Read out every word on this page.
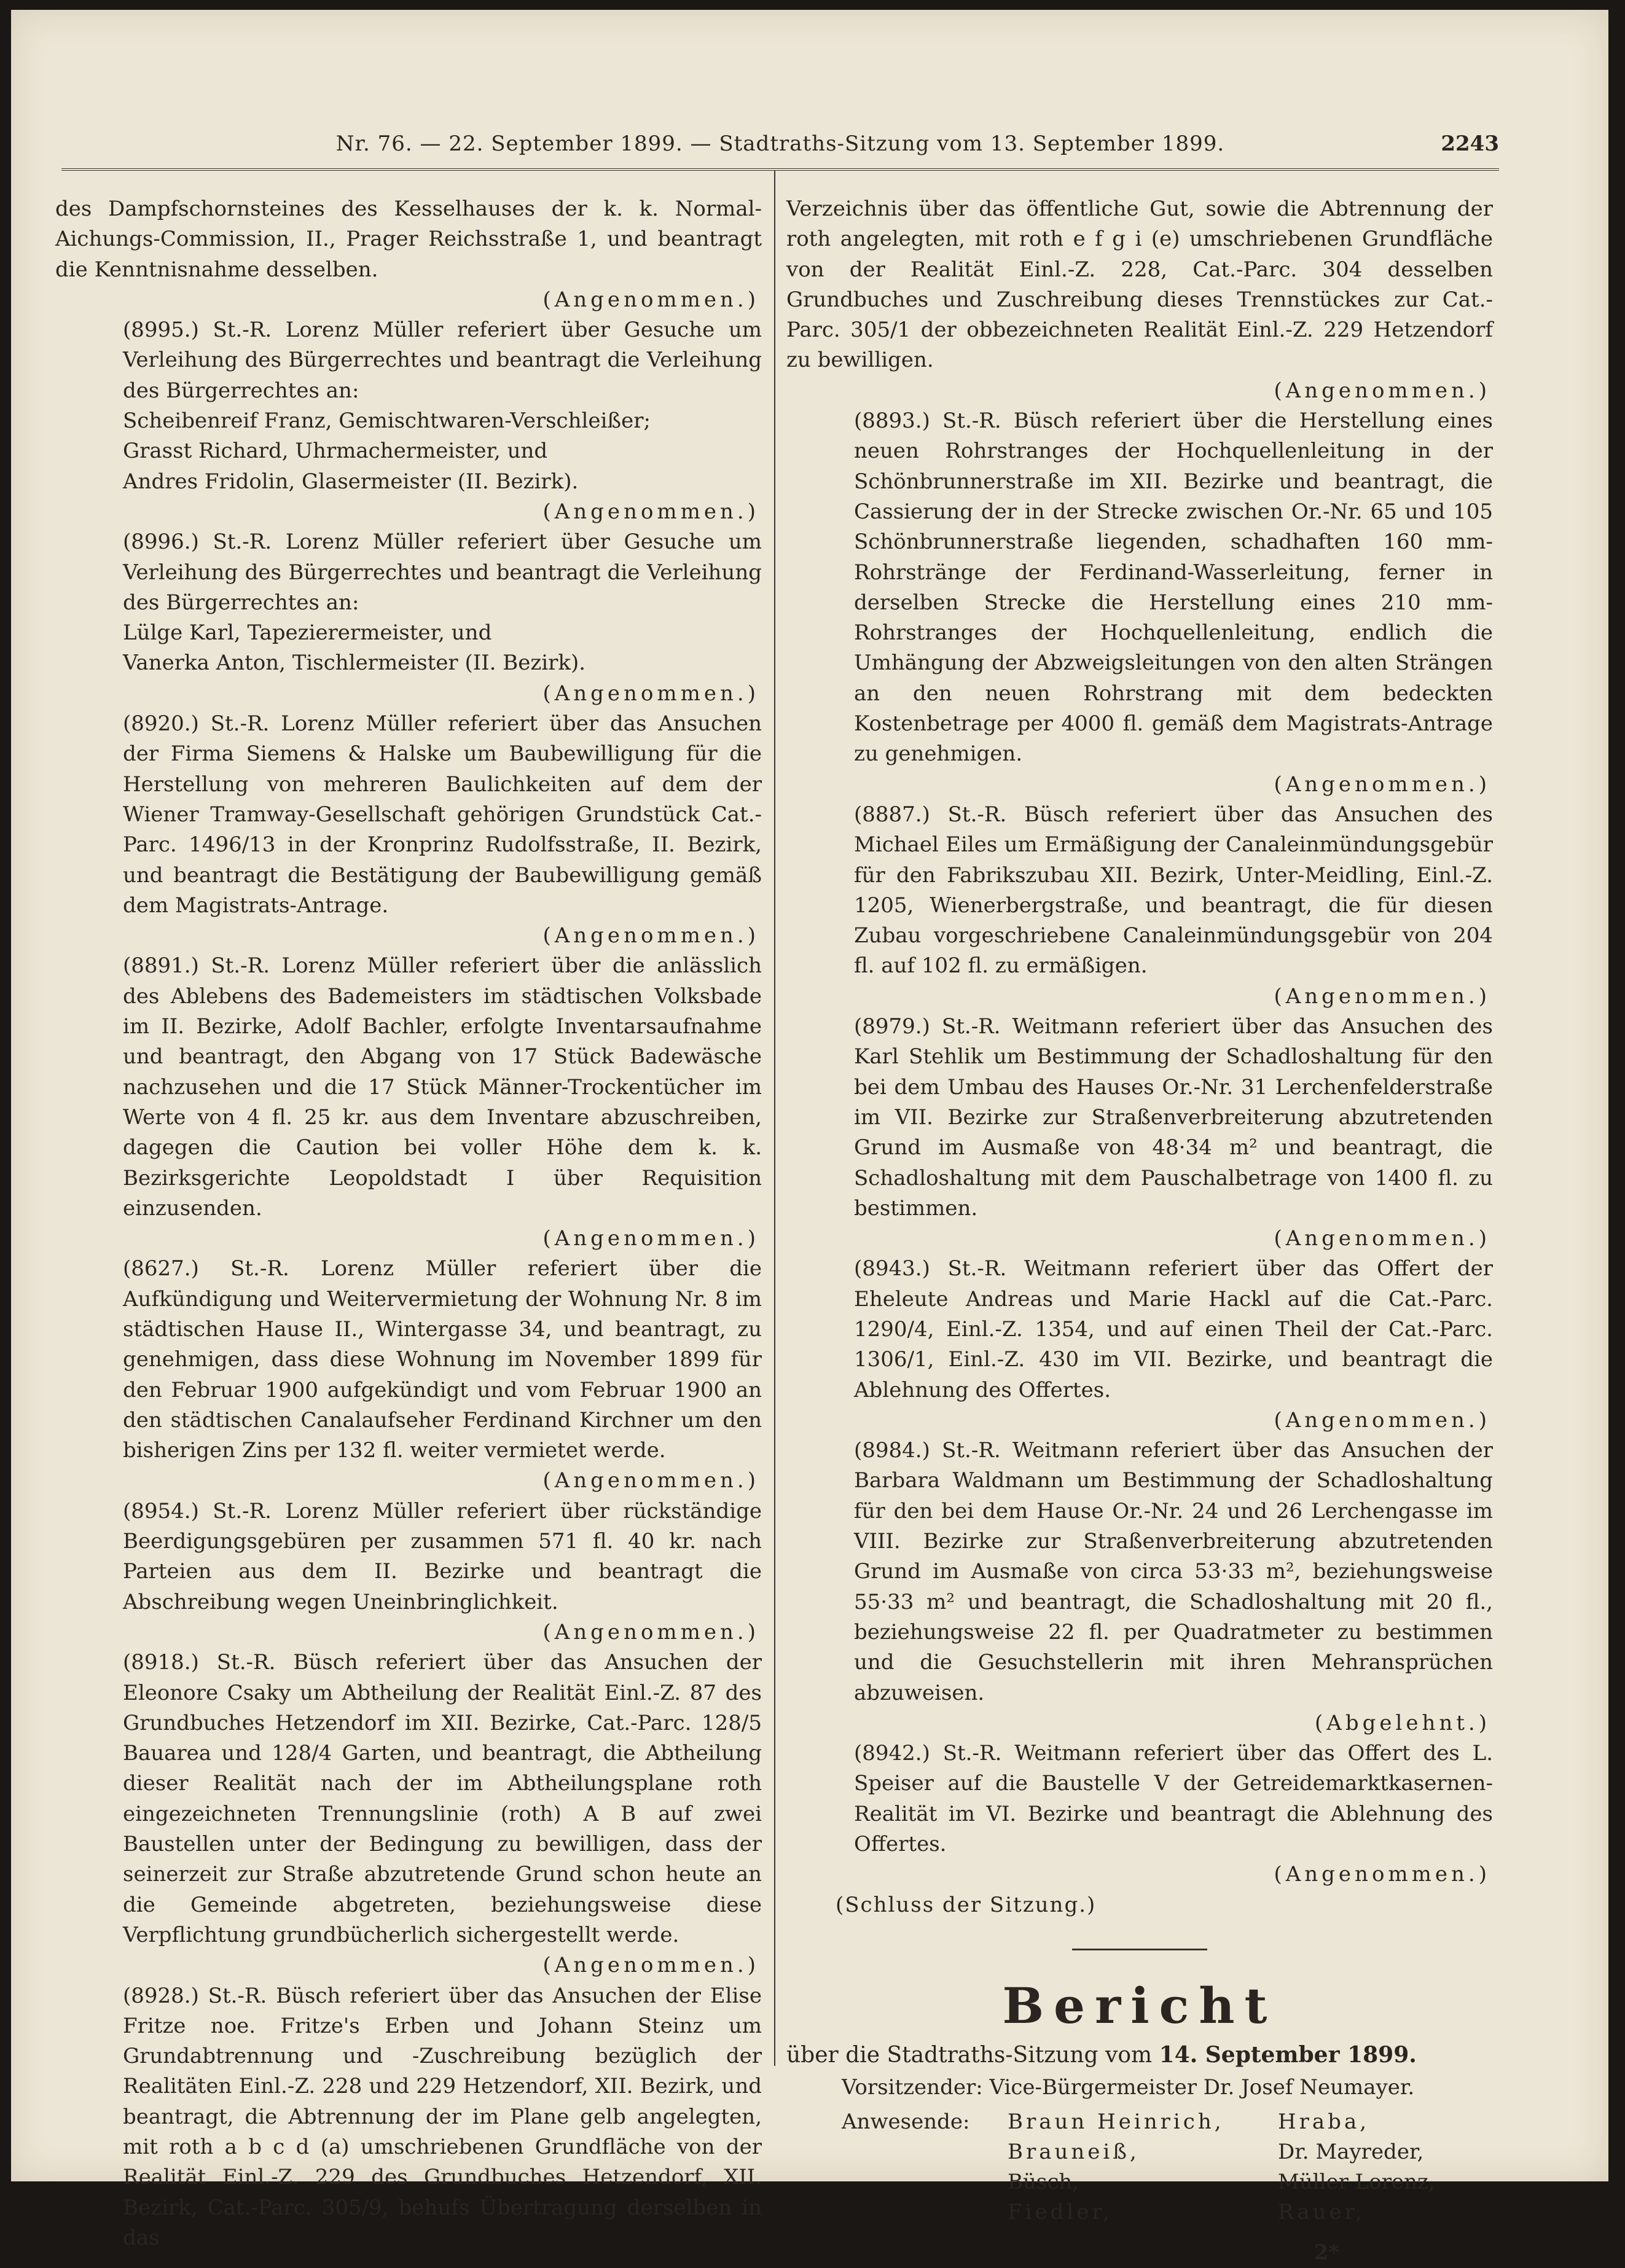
Nr. 76. — 22. September 1899. — Stadtraths-Sitzung vom 13. September 1899.	2243

des Dampfschornsteines des Kesselhauses der k. k. Normal-Aichungs-Commission, II., Prager Reichsstraße 1, und beantragt die Kenntnisnahme desselben.

(Angenommen.)

(8995.) St.-R. Lorenz Müller referiert über Gesuche um Verleihung des Bürgerrechtes und beantragt die Verleihung des Bürgerrechtes an:

Scheibenreif Franz, Gemischtwaren-Verschleißer;
Grasst Richard, Uhrmachermeister, und
Andres Fridolin, Glasermeister (II. Bezirk).

(Angenommen.)

(8996.) St.-R. Lorenz Müller referiert über Gesuche um Verleihung des Bürgerrechtes und beantragt die Verleihung des Bürgerrechtes an:

Lülge Karl, Tapezierermeister, und
Vanerka Anton, Tischlermeister (II. Bezirk).

(Angenommen.)

(8920.) St.-R. Lorenz Müller referiert über das Ansuchen der Firma Siemens & Halske um Baubewilligung für die Herstellung von mehreren Baulichkeiten auf dem der Wiener Tramway-Gesellschaft gehörigen Grundstück Cat.-Parc. 1496/13 in der Kronprinz Rudolfsstraße, II. Bezirk, und beantragt die Bestätigung der Baubewilligung gemäß dem Magistrats-Antrage.

(Angenommen.)

(8891.) St.-R. Lorenz Müller referiert über die anlässlich des Ablebens des Bademeisters im städtischen Volksbade im II. Bezirke, Adolf Bachler, erfolgte Inventarsaufnahme und beantragt, den Abgang von 17 Stück Badewäsche nachzusehen und die 17 Stück Männer-Trockentücher im Werte von 4 fl. 25 kr. aus dem Inventare abzuschreiben, dagegen die Caution bei voller Höhe dem k. k. Bezirksgerichte Leopoldstadt I über Requisition einzusenden.

(Angenommen.)

(8627.) St.-R. Lorenz Müller referiert über die Aufkündigung und Weitervermietung der Wohnung Nr. 8 im städtischen Hause II., Wintergasse 34, und beantragt, zu genehmigen, dass diese Wohnung im November 1899 für den Februar 1900 aufgekündigt und vom Februar 1900 an den städtischen Canalaufseher Ferdinand Kirchner um den bisherigen Zins per 132 fl. weiter vermietet werde.

(Angenommen.)

(8954.) St.-R. Lorenz Müller referiert über rückständige Beerdigungsgebüren per zusammen 571 fl. 40 kr. nach Parteien aus dem II. Bezirke und beantragt die Abschreibung wegen Uneinbringlichkeit.

(Angenommen.)

(8918.) St.-R. Büsch referiert über das Ansuchen der Eleonore Csaky um Abtheilung der Realität Einl.-Z. 87 des Grundbuches Hetzendorf im XII. Bezirke, Cat.-Parc. 128/5 Bauarea und 128/4 Garten, und beantragt, die Abtheilung dieser Realität nach der im Abtheilungsplane roth eingezeichneten Trennungslinie (roth) A B auf zwei Baustellen unter der Bedingung zu bewilligen, dass der seinerzeit zur Straße abzutretende Grund schon heute an die Gemeinde abgetreten, beziehungsweise diese Verpflichtung grundbücherlich sichergestellt werde.

(Angenommen.)

(8928.) St.-R. Büsch referiert über das Ansuchen der Elise Fritze noe. Fritze's Erben und Johann Steinz um Grundabtrennung und -Zuschreibung bezüglich der Realitäten Einl.-Z. 228 und 229 Hetzendorf, XII. Bezirk, und beantragt, die Abtrennung der im Plane gelb angelegten, mit roth a b c d (a) umschriebenen Grundfläche von der Realität Einl.-Z. 229 des Grundbuches Hetzendorf, XII. Bezirk, Cat.-Parc. 305/9, behufs Übertragung derselben in das

Verzeichnis über das öffentliche Gut, sowie die Abtrennung der roth angelegten, mit roth e f g i (e) umschriebenen Grundfläche von der Realität Einl.-Z. 228, Cat.-Parc. 304 desselben Grundbuches und Zuschreibung dieses Trennstückes zur Cat.-Parc. 305/1 der obbezeichneten Realität Einl.-Z. 229 Hetzendorf zu bewilligen.

(Angenommen.)

(8893.) St.-R. Büsch referiert über die Herstellung eines neuen Rohrstranges der Hochquellenleitung in der Schönbrunnerstraße im XII. Bezirke und beantragt, die Cassierung der in der Strecke zwischen Or.-Nr. 65 und 105 Schönbrunnerstraße liegenden, schadhaften 160 mm-Rohrstränge der Ferdinand-Wasserleitung, ferner in derselben Strecke die Herstellung eines 210 mm-Rohrstranges der Hochquellenleitung, endlich die Umhängung der Abzweigsleitungen von den alten Strängen an den neuen Rohrstrang mit dem bedeckten Kostenbetrage per 4000 fl. gemäß dem Magistrats-Antrage zu genehmigen.

(Angenommen.)

(8887.) St.-R. Büsch referiert über das Ansuchen des Michael Eiles um Ermäßigung der Canaleinmündungsgebür für den Fabrikszubau XII. Bezirk, Unter-Meidling, Einl.-Z. 1205, Wienerbergstraße, und beantragt, die für diesen Zubau vorgeschriebene Canaleinmündungsgebür von 204 fl. auf 102 fl. zu ermäßigen.

(Angenommen.)

(8979.) St.-R. Weitmann referiert über das Ansuchen des Karl Stehlik um Bestimmung der Schadloshaltung für den bei dem Umbau des Hauses Or.-Nr. 31 Lerchenfelderstraße im VII. Bezirke zur Straßenverbreiterung abzutretenden Grund im Ausmaße von 48·34 m² und beantragt, die Schadloshaltung mit dem Pauschalbetrage von 1400 fl. zu bestimmen.

(Angenommen.)

(8943.) St.-R. Weitmann referiert über das Offert der Eheleute Andreas und Marie Hackl auf die Cat.-Parc. 1290/4, Einl.-Z. 1354, und auf einen Theil der Cat.-Parc. 1306/1, Einl.-Z. 430 im VII. Bezirke, und beantragt die Ablehnung des Offertes.

(Angenommen.)

(8984.) St.-R. Weitmann referiert über das Ansuchen der Barbara Waldmann um Bestimmung der Schadloshaltung für den bei dem Hause Or.-Nr. 24 und 26 Lerchengasse im VIII. Bezirke zur Straßenverbreiterung abzutretenden Grund im Ausmaße von circa 53·33 m², beziehungsweise 55·33 m² und beantragt, die Schadloshaltung mit 20 fl., beziehungsweise 22 fl. per Quadratmeter zu bestimmen und die Gesuchstellerin mit ihren Mehransprüchen abzuweisen.

(Abgelehnt.)

(8942.) St.-R. Weitmann referiert über das Offert des L. Speiser auf die Baustelle V der Getreidemarktkasernen-Realität im VI. Bezirke und beantragt die Ablehnung des Offertes.

(Angenommen.)

(Schluss der Sitzung.)

Bericht

über die Stadtraths-Sitzung vom 14. September 1899.

Vorsitzender: Vice-Bürgermeister Dr. Josef Neumayer.
Anwesende:	Braun Heinrich,	Hraba,
Brauneiß,	Dr. Mayreder,
Büsch,	Müller Lorenz,
Fiedler,	Rauer,
2*
